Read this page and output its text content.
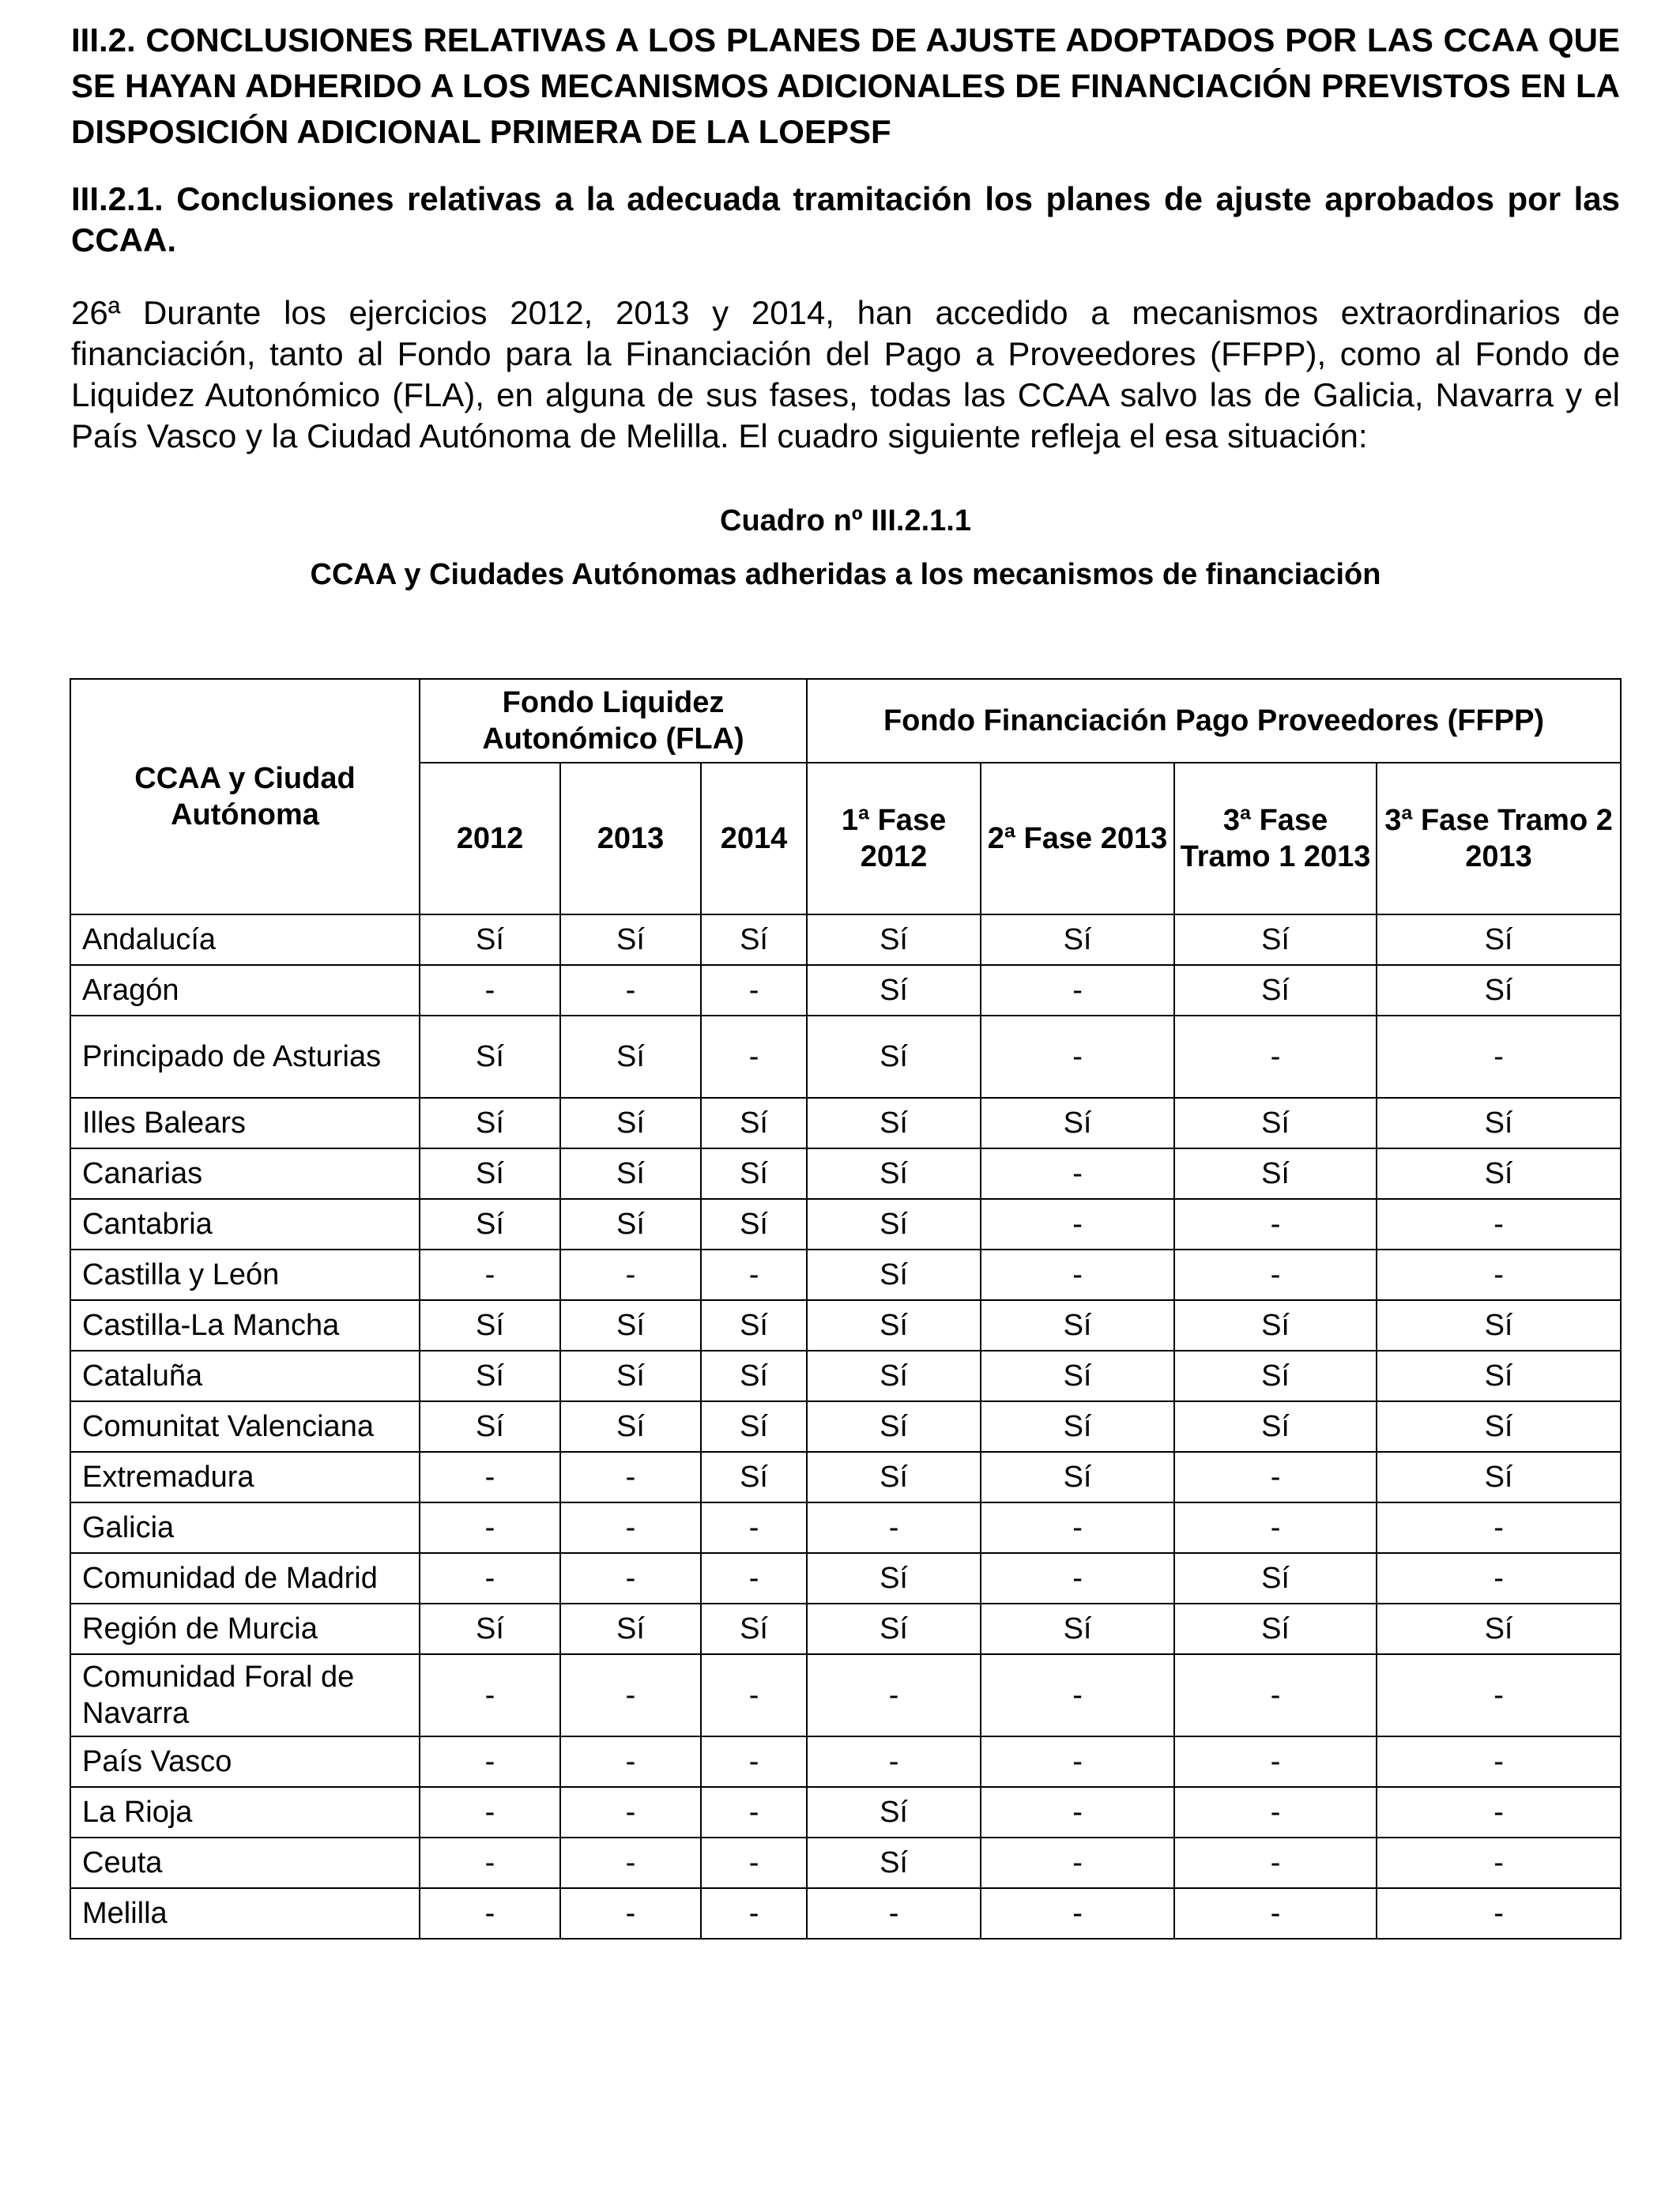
III.2. CONCLUSIONES RELATIVAS A LOS PLANES DE AJUSTE ADOPTADOS POR LAS CCAA QUE SE HAYAN ADHERIDO A LOS MECANISMOS ADICIONALES DE FINANCIACIÓN PREVISTOS EN LA DISPOSICIÓN ADICIONAL PRIMERA DE LA LOEPSF

III.2.1. Conclusiones relativas a la adecuada tramitación los planes de ajuste aprobados por las CCAA.

26ª Durante los ejercicios 2012, 2013 y 2014, han accedido a mecanismos extraordinarios de financiación, tanto al Fondo para la Financiación del Pago a Proveedores (FFPP), como al Fondo de Liquidez Autonómico (FLA), en alguna de sus fases, todas las CCAA salvo las de Galicia, Navarra y el País Vasco y la Ciudad Autónoma de Melilla. El cuadro siguiente refleja el esa situación:

Cuadro nº III.2.1.1

CCAA y Ciudades Autónomas adheridas a los mecanismos de financiación

CCAA y Ciudad Autónoma	Fondo Liquidez Autonómico (FLA)			Fondo Financiación Pago Proveedores (FFPP)			
	2012	2013	2014	1ª Fase 2012	2ª Fase 2013	3ª Fase Tramo 1 2013	3ª Fase Tramo 2 2013
Andalucía	Sí	Sí	Sí	Sí	Sí	Sí	Sí
Aragón	-	-	-	Sí	-	Sí	Sí
Principado de Asturias	Sí	Sí	-	Sí	-	-	-
Illes Balears	Sí	Sí	Sí	Sí	Sí	Sí	Sí
Canarias	Sí	Sí	Sí	Sí	-	Sí	Sí
Cantabria	Sí	Sí	Sí	Sí	-	-	-
Castilla y León	-	-	-	Sí	-	-	-
Castilla-La Mancha	Sí	Sí	Sí	Sí	Sí	Sí	Sí
Cataluña	Sí	Sí	Sí	Sí	Sí	Sí	Sí
Comunitat Valenciana	Sí	Sí	Sí	Sí	Sí	Sí	Sí
Extremadura	-	-	Sí	Sí	Sí	-	Sí
Galicia	-	-	-	-	-	-	-
Comunidad de Madrid	-	-	-	Sí	-	Sí	-
Región de Murcia	Sí	Sí	Sí	Sí	Sí	Sí	Sí
Comunidad Foral de Navarra	-	-	-	-	-	-	-
País Vasco	-	-	-	-	-	-	-
La Rioja	-	-	-	Sí	-	-	-
Ceuta	-	-	-	Sí	-	-	-
Melilla	-	-	-	-	-	-	-
